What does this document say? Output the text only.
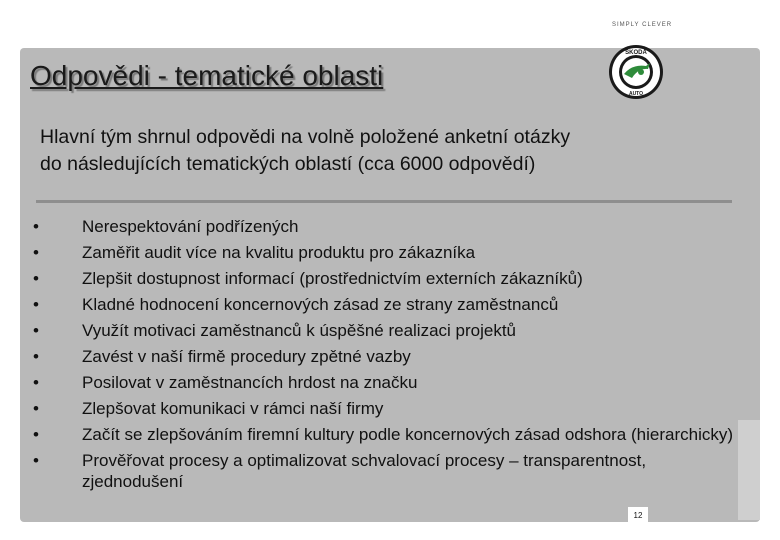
SIMPLY CLEVER
Odpovědi - tematické oblasti
ŠKODA
AUTO
Hlavní tým shrnul odpovědi na volně položené anketní otázky
do následujících tematických oblastí (cca 6000 odpovědí)
•	Nerespektování podřízených
•	Zaměřit audit více na kvalitu produktu pro zákazníka
•	Zlepšit dostupnost informací (prostřednictvím externích zákazníků)
•	Kladné hodnocení koncernových zásad ze strany zaměstnanců
•	Využít motivaci zaměstnanců k úspěšné realizaci projektů
•	Zavést v naší firmě procedury zpětné vazby
•	Posilovat v zaměstnancích hrdost na značku
•	Zlepšovat komunikaci v rámci naší firmy
•	Začít se zlepšováním firemní kultury podle koncernových zásad odshora (hierarchicky)
•	Prověřovat procesy a optimalizovat schvalovací procesy – transparentnost, zjednodušení
12
